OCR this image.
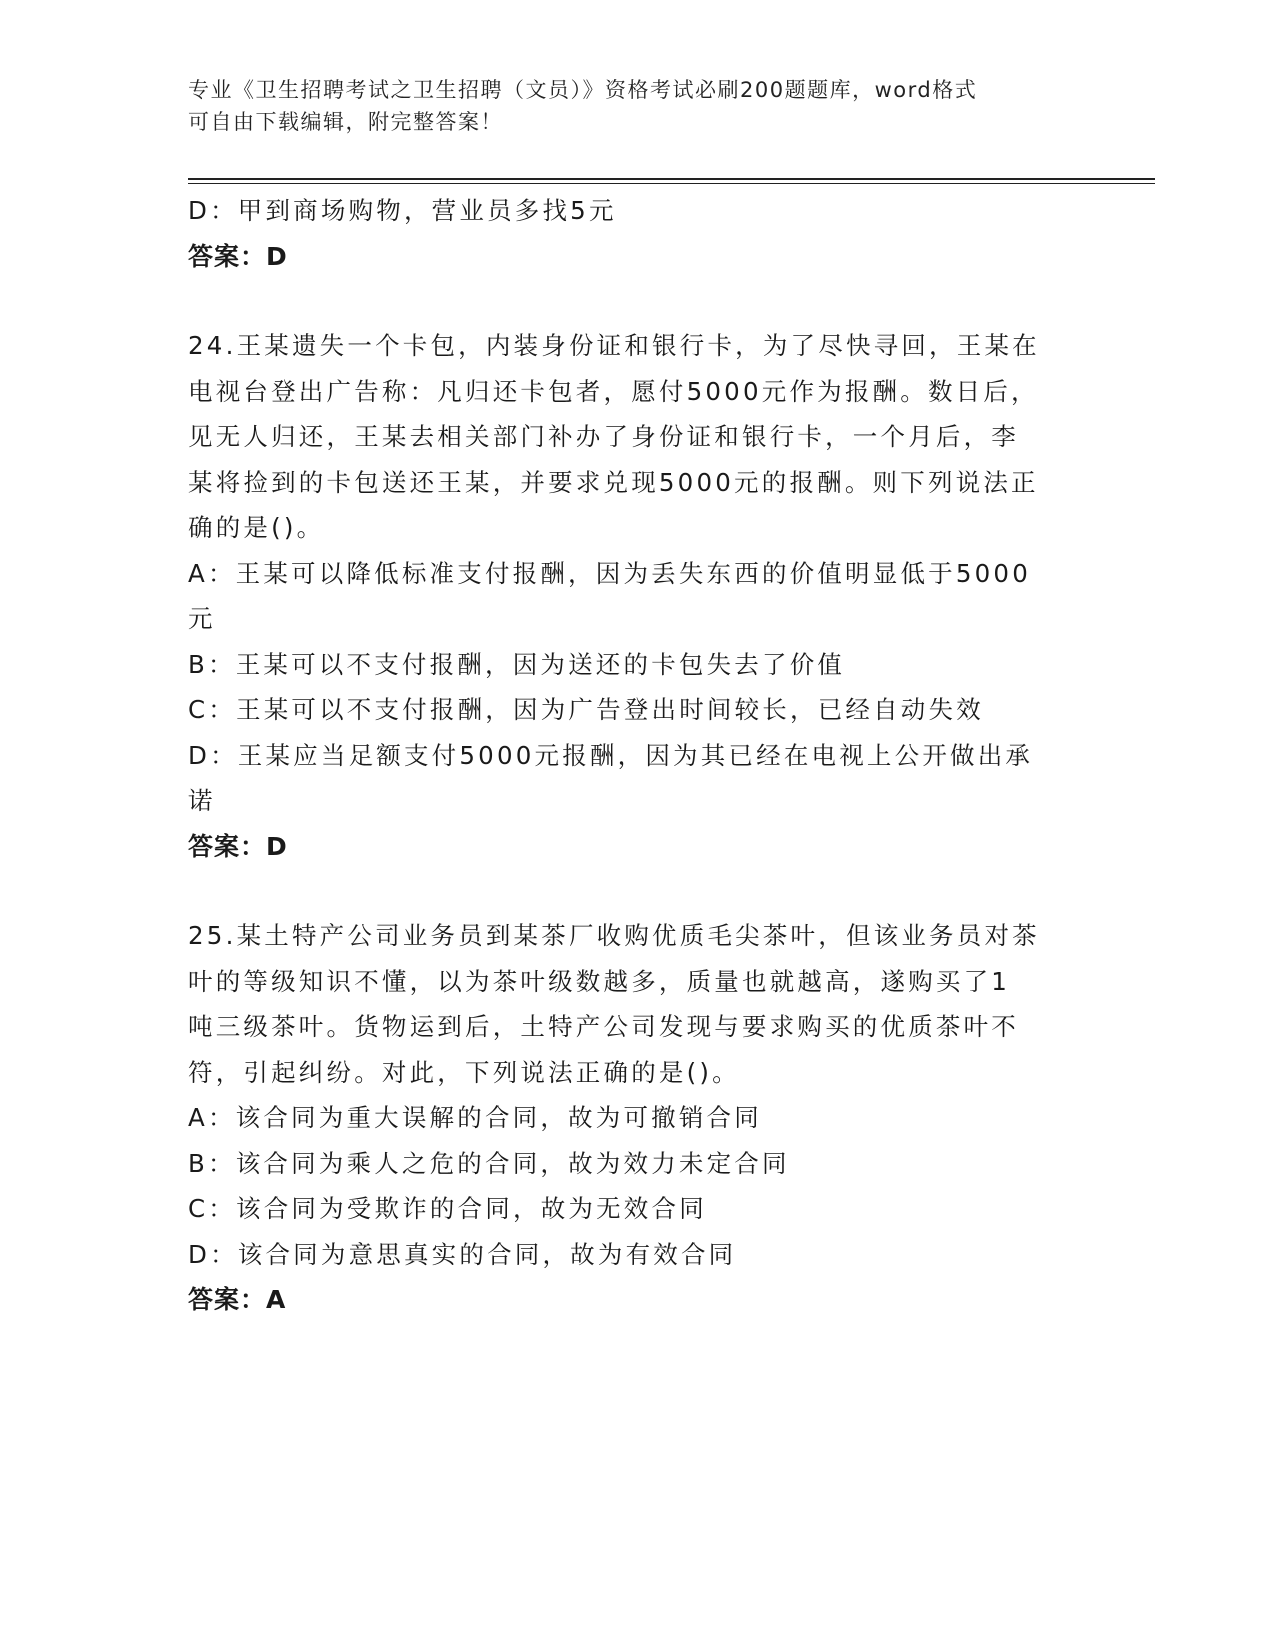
专业《卫生招聘考试之卫生招聘（文员）》资格考试必刷200题题库，word格式
可自由下载编辑，附完整答案！
D：甲到商场购物，营业员多找5元
答案：D
24.王某遗失一个卡包，内装身份证和银行卡，为了尽快寻回，王某在
电视台登出广告称：凡归还卡包者，愿付5000元作为报酬。数日后，
见无人归还，王某去相关部门补办了身份证和银行卡，一个月后，李
某将捡到的卡包送还王某，并要求兑现5000元的报酬。则下列说法正
确的是()。
A：王某可以降低标准支付报酬，因为丢失东西的价值明显低于5000
元
B：王某可以不支付报酬，因为送还的卡包失去了价值
C：王某可以不支付报酬，因为广告登出时间较长，已经自动失效
D：王某应当足额支付5000元报酬，因为其已经在电视上公开做出承
诺
答案：D
25.某土特产公司业务员到某茶厂收购优质毛尖茶叶，但该业务员对茶
叶的等级知识不懂，以为茶叶级数越多，质量也就越高，遂购买了1
吨三级茶叶。货物运到后，土特产公司发现与要求购买的优质茶叶不
符，引起纠纷。对此，下列说法正确的是()。
A：该合同为重大误解的合同，故为可撤销合同
B：该合同为乘人之危的合同，故为效力未定合同
C：该合同为受欺诈的合同，故为无效合同
D：该合同为意思真实的合同，故为有效合同
答案：A
